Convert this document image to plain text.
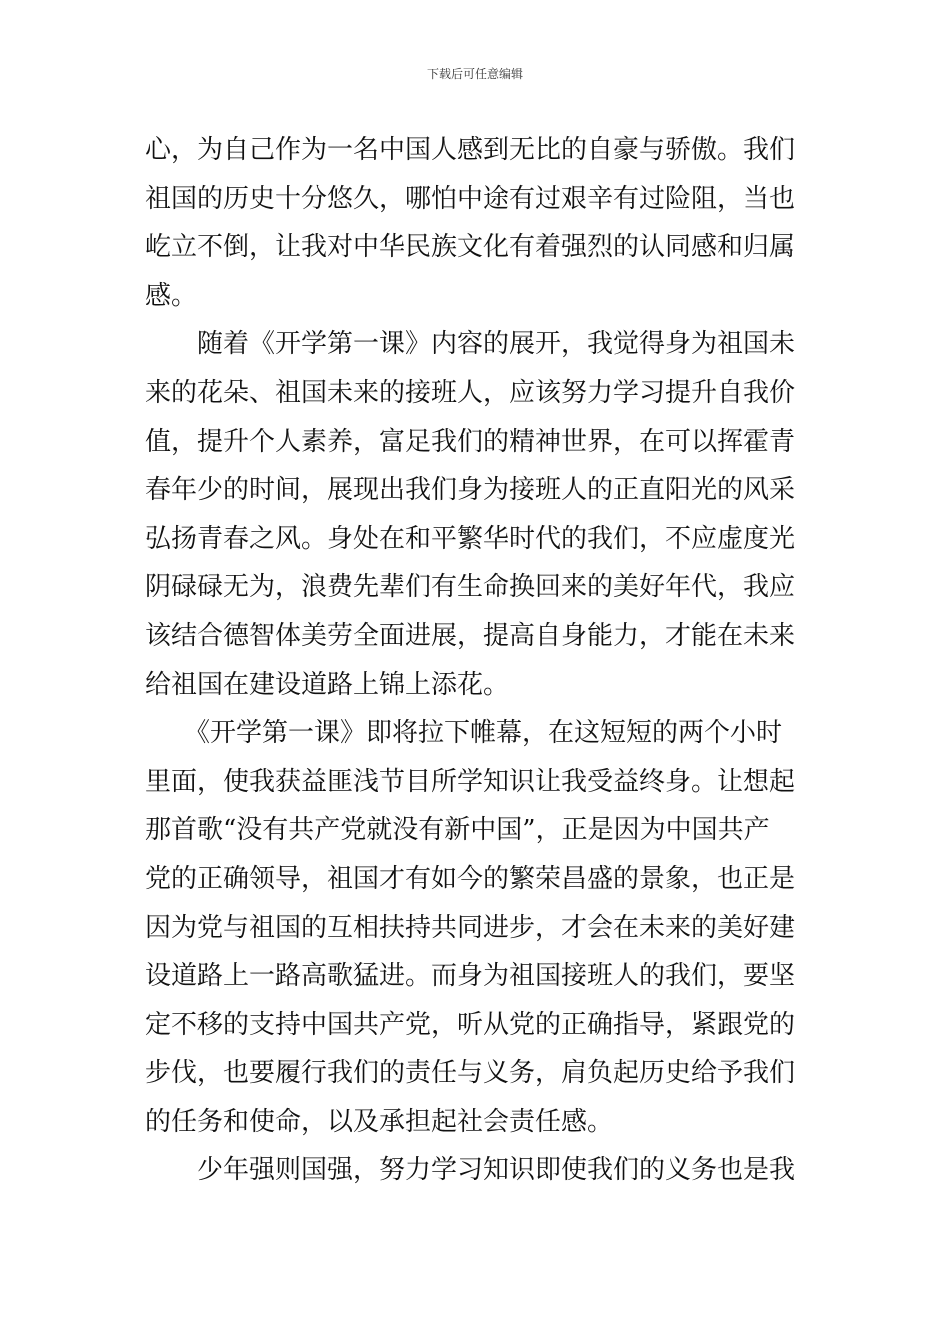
下载后可任意编辑
心，为自己作为一名中国人感到无比的自豪与骄傲。我们
祖国的历史十分悠久，哪怕中途有过艰辛有过险阻，当也
屹立不倒，让我对中华民族文化有着强烈的认同感和归属
感。
　　随着《开学第一课》内容的展开，我觉得身为祖国未
来的花朵、祖国未来的接班人，应该努力学习提升自我价
值，提升个人素养，富足我们的精神世界，在可以挥霍青
春年少的时间，展现出我们身为接班人的正直阳光的风采
弘扬青春之风。身处在和平繁华时代的我们，不应虚度光
阴碌碌无为，浪费先辈们有生命换回来的美好年代，我应
该结合德智体美劳全面进展，提高自身能力，才能在未来
给祖国在建设道路上锦上添花。
　　《开学第一课》即将拉下帷幕，在这短短的两个小时
里面，使我获益匪浅节目所学知识让我受益终身。让想起
那首歌“没有共产党就没有新中国”，正是因为中国共产
党的正确领导，祖国才有如今的繁荣昌盛的景象，也正是
因为党与祖国的互相扶持共同进步，才会在未来的美好建
设道路上一路高歌猛进。而身为祖国接班人的我们，要坚
定不移的支持中国共产党，听从党的正确指导，紧跟党的
步伐，也要履行我们的责任与义务，肩负起历史给予我们
的任务和使命，以及承担起社会责任感。
　　少年强则国强，努力学习知识即使我们的义务也是我
